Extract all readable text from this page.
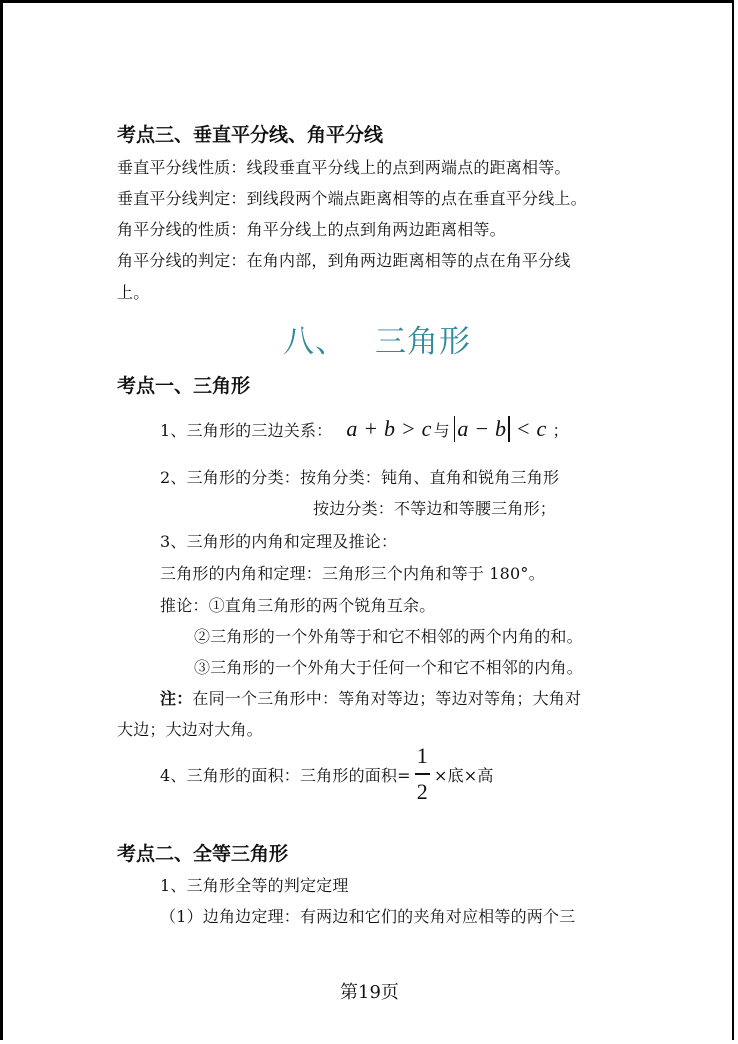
考点三、垂直平分线、角平分线
垂直平分线性质：线段垂直平分线上的点到两端点的距离相等。
垂直平分线判定：到线段两个端点距离相等的点在垂直平分线上。
角平分线的性质：角平分线上的点到角两边距离相等。
角平分线的判定：在角内部，到角两边距离相等的点在角平分线
上。
八、 三角形
考点一、三角形
1、三角形的三边关系： a + b > c 与 a − b < c ；
2、三角形的分类：按角分类：钝角、直角和锐角三角形
按边分类：不等边和等腰三角形；
3、三角形的内角和定理及推论：
三角形的内角和定理：三角形三个内角和等于 180°。
推论：①直角三角形的两个锐角互余。
②三角形的一个外角等于和它不相邻的两个内角的和。
③三角形的一个外角大于任何一个和它不相邻的内角。
注：在同一个三角形中：等角对等边；等边对等角；大角对
大边；大边对大角。
4、三角形的面积：三角形的面积= $\frac{1}{2}$ ×底×高
考点二、全等三角形
1、三角形全等的判定定理
（1）边角边定理：有两边和它们的夹角对应相等的两个三
第19页
